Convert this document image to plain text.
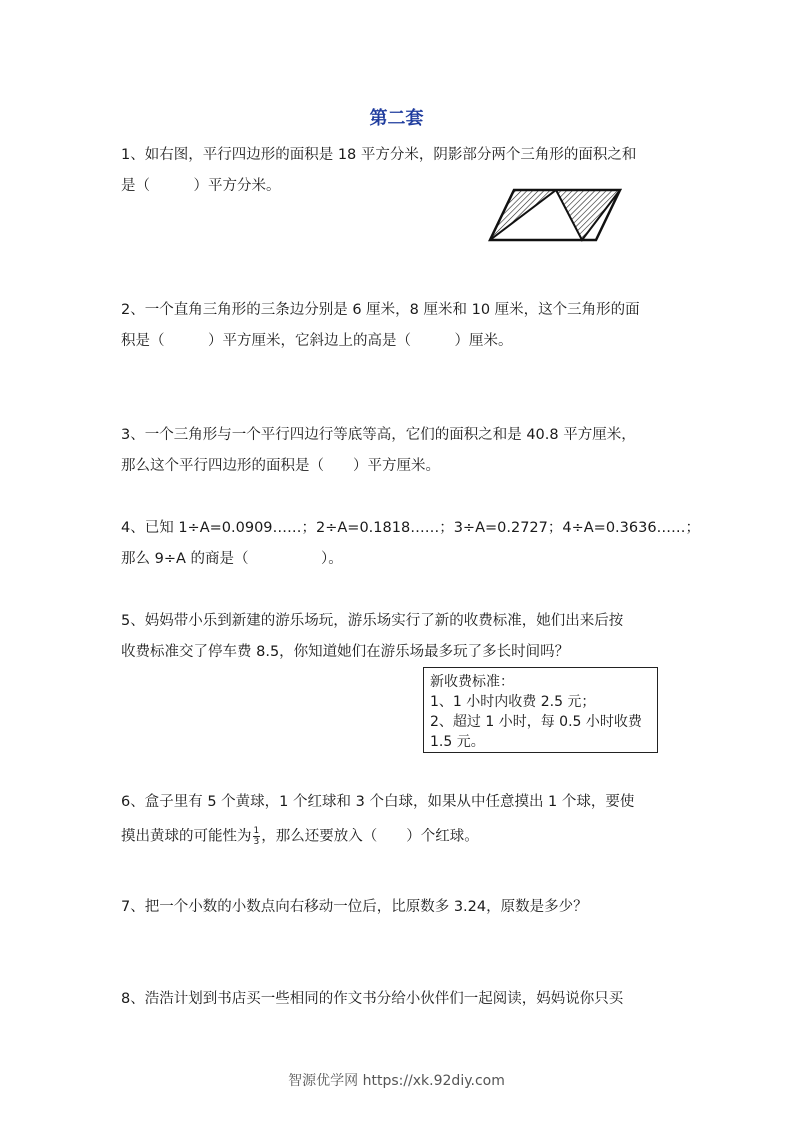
第二套
1、如右图，平行四边形的面积是 18 平方分米，阴影部分两个三角形的面积之和
是（　　　）平方分米。
2、一个直角三角形的三条边分别是 6 厘米，8 厘米和 10 厘米，这个三角形的面
积是（　　　）平方厘米，它斜边上的高是（　　　）厘米。
3、一个三角形与一个平行四边行等底等高，它们的面积之和是 40.8 平方厘米，
那么这个平行四边形的面积是（　　）平方厘米。
4、已知 1÷A=0.0909……；2÷A=0.1818……；3÷A=0.2727；4÷A=0.3636……；
那么 9÷A 的商是（　　　　　）。
5、妈妈带小乐到新建的游乐场玩，游乐场实行了新的收费标准，她们出来后按
收费标准交了停车费 8.5，你知道她们在游乐场最多玩了多长时间吗？
新收费标准：
1、1 小时内收费 2.5 元；
2、超过 1 小时，每 0.5 小时收费
1.5 元。
6、盒子里有 5 个黄球，1 个红球和 3 个白球，如果从中任意摸出 1 个球，要使
摸出黄球的可能性为 $\frac{1}{3}$ ，那么还要放入（　　）个红球。
7、把一个小数的小数点向右移动一位后，比原数多 3.24，原数是多少？
8、浩浩计划到书店买一些相同的作文书分给小伙伴们一起阅读，妈妈说你只买
智源优学网 https://xk.92diy.com
